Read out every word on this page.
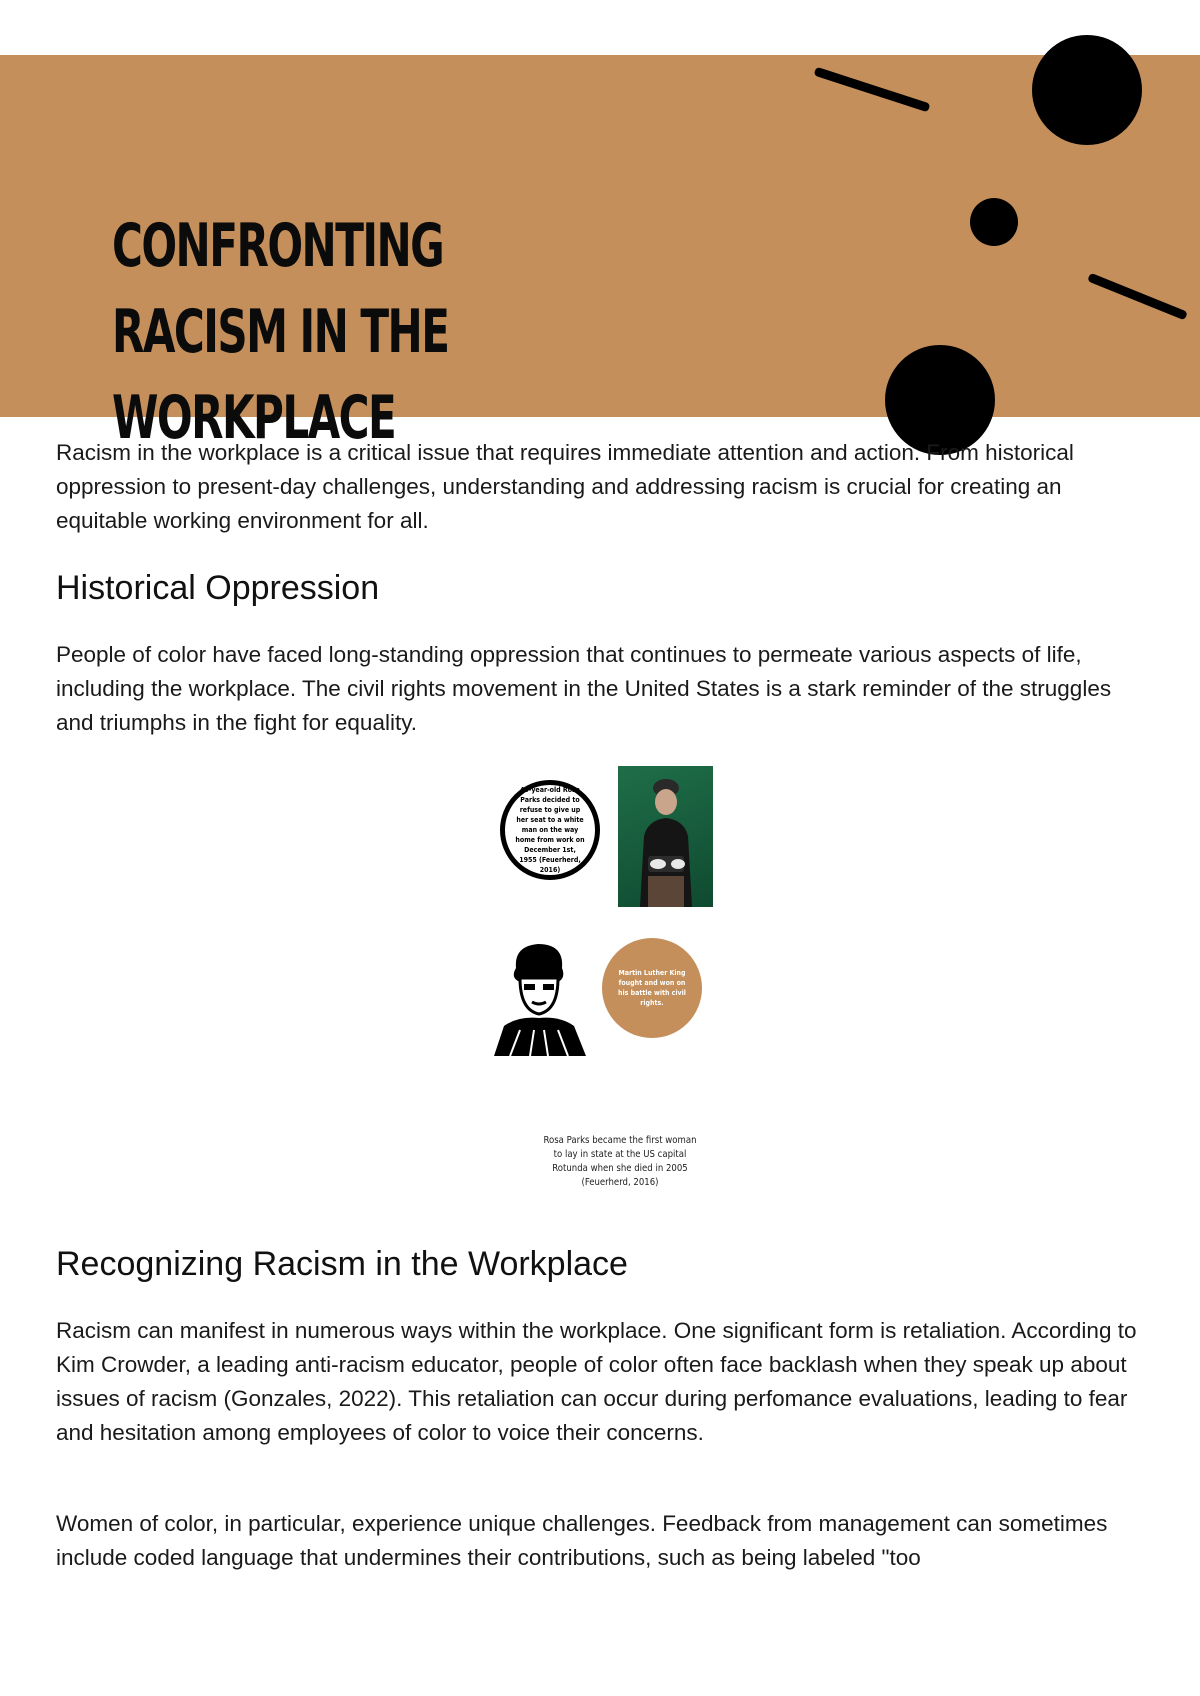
CONFRONTING RACISM IN THE WORKPLACE

Racism in the workplace is a critical issue that requires immediate attention and action. From historical oppression to present-day challenges, understanding and addressing racism is crucial for creating an equitable working environment for all.

Historical Oppression

People of color have faced long-standing oppression that continues to permeate various aspects of life, including the workplace. The civil rights movement in the United States is a stark reminder of the struggles and triumphs in the fight for equality.

43-year-old Rosa Parks decided to refuse to give up her seat to a white man on the way home from work on December 1st, 1955 (Feuerherd, 2016)
Martin Luther King fought and won on his battle with civil rights.

Rosa Parks became the first woman to lay in state at the US capital Rotunda when she died in 2005 (Feuerherd, 2016)

Recognizing Racism in the Workplace

Racism can manifest in numerous ways within the workplace. One significant form is retaliation. According to Kim Crowder, a leading anti-racism educator, people of color often face backlash when they speak up about issues of racism (Gonzales, 2022). This retaliation can occur during perfomance evaluations, leading to fear and hesitation among employees of color to voice their concerns.

Women of color, in particular, experience unique challenges. Feedback from management can sometimes include coded language that undermines their contributions, such as being labeled "too
